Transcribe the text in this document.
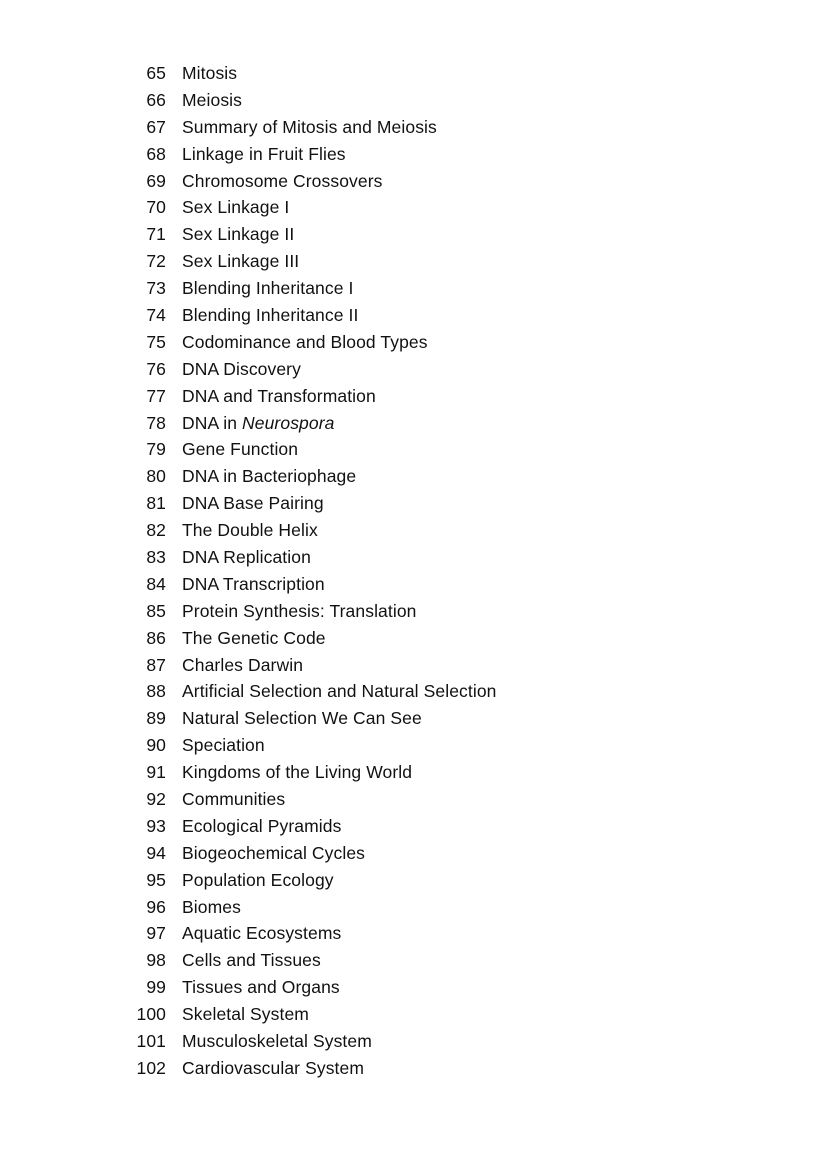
65 Mitosis
66 Meiosis
67 Summary of Mitosis and Meiosis
68 Linkage in Fruit Flies
69 Chromosome Crossovers
70 Sex Linkage I
71 Sex Linkage II
72 Sex Linkage III
73 Blending Inheritance I
74 Blending Inheritance II
75 Codominance and Blood Types
76 DNA Discovery
77 DNA and Transformation
78 DNA in Neurospora
79 Gene Function
80 DNA in Bacteriophage
81 DNA Base Pairing
82 The Double Helix
83 DNA Replication
84 DNA Transcription
85 Protein Synthesis: Translation
86 The Genetic Code
87 Charles Darwin
88 Artificial Selection and Natural Selection
89 Natural Selection We Can See
90 Speciation
91 Kingdoms of the Living World
92 Communities
93 Ecological Pyramids
94 Biogeochemical Cycles
95 Population Ecology
96 Biomes
97 Aquatic Ecosystems
98 Cells and Tissues
99 Tissues and Organs
100 Skeletal System
101 Musculoskeletal System
102 Cardiovascular System
